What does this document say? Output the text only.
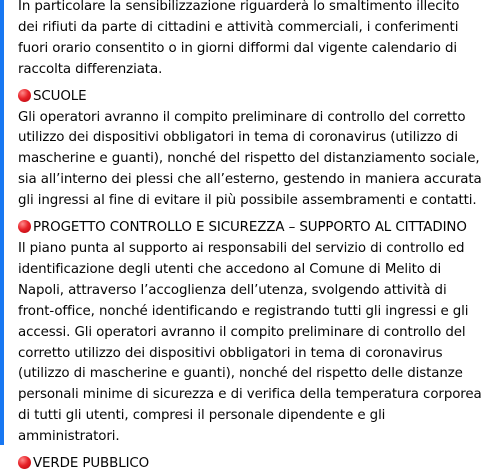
In particolare la sensibilizzazione riguarderà lo smaltimento illecito
dei rifiuti da parte di cittadini e attività commerciali, i conferimenti
fuori orario consentito o in giorni difformi dal vigente calendario di
raccolta differenziata.
SCUOLE
Gli operatori avranno il compito preliminare di controllo del corretto
utilizzo dei dispositivi obbligatori in tema di coronavirus (utilizzo di
mascherine e guanti), nonché del rispetto del distanziamento sociale,
sia all’interno dei plessi che all’esterno, gestendo in maniera accurata
gli ingressi al fine di evitare il più possibile assembramenti e contatti.
PROGETTO CONTROLLO E SICUREZZA – SUPPORTO AL CITTADINO
Il piano punta al supporto ai responsabili del servizio di controllo ed
identificazione degli utenti che accedono al Comune di Melito di
Napoli, attraverso l’accoglienza dell’utenza, svolgendo attività di
front-office, nonché identificando e registrando tutti gli ingressi e gli
accessi. Gli operatori avranno il compito preliminare di controllo del
corretto utilizzo dei dispositivi obbligatori in tema di coronavirus
(utilizzo di mascherine e guanti), nonché del rispetto delle distanze
personali minime di sicurezza e di verifica della temperatura corporea
di tutti gli utenti, compresi il personale dipendente e gli
amministratori.
VERDE PUBBLICO
